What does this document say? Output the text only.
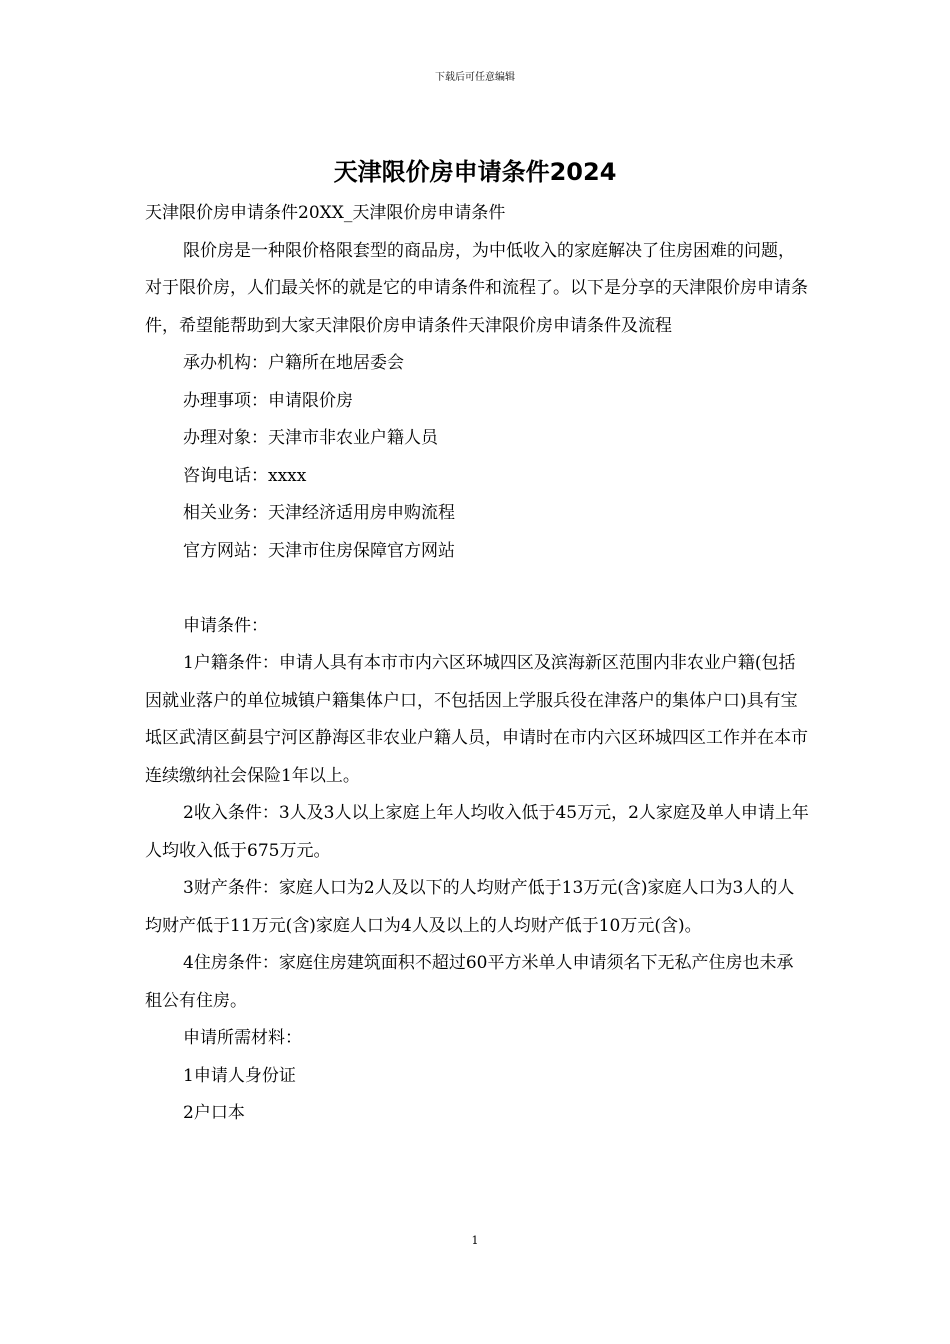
下载后可任意编辑
天津限价房申请条件2024

天津限价房申请条件20XX_天津限价房申请条件

限价房是一种限价格限套型的商品房，为中低收入的家庭解决了住房困难的问题，对于限价房，人们最关怀的就是它的申请条件和流程了。以下是分享的天津限价房申请条件，希望能帮助到大家天津限价房申请条件天津限价房申请条件及流程

承办机构：户籍所在地居委会

办理事项：申请限价房

办理对象：天津市非农业户籍人员

咨询电话：xxxx

相关业务：天津经济适用房申购流程

官方网站：天津市住房保障官方网站

申请条件：

1户籍条件：申请人具有本市市内六区环城四区及滨海新区范围内非农业户籍(包括因就业落户的单位城镇户籍集体户口，不包括因上学服兵役在津落户的集体户口)具有宝坻区武清区蓟县宁河区静海区非农业户籍人员，申请时在市内六区环城四区工作并在本市连续缴纳社会保险1年以上。

2收入条件：3人及3人以上家庭上年人均收入低于45万元，2人家庭及单人申请上年人均收入低于675万元。

3财产条件：家庭人口为2人及以下的人均财产低于13万元(含)家庭人口为3人的人均财产低于11万元(含)家庭人口为4人及以上的人均财产低于10万元(含)。

4住房条件：家庭住房建筑面积不超过60平方米单人申请须名下无私产住房也未承租公有住房。

申请所需材料：

1申请人身份证

2户口本

1
